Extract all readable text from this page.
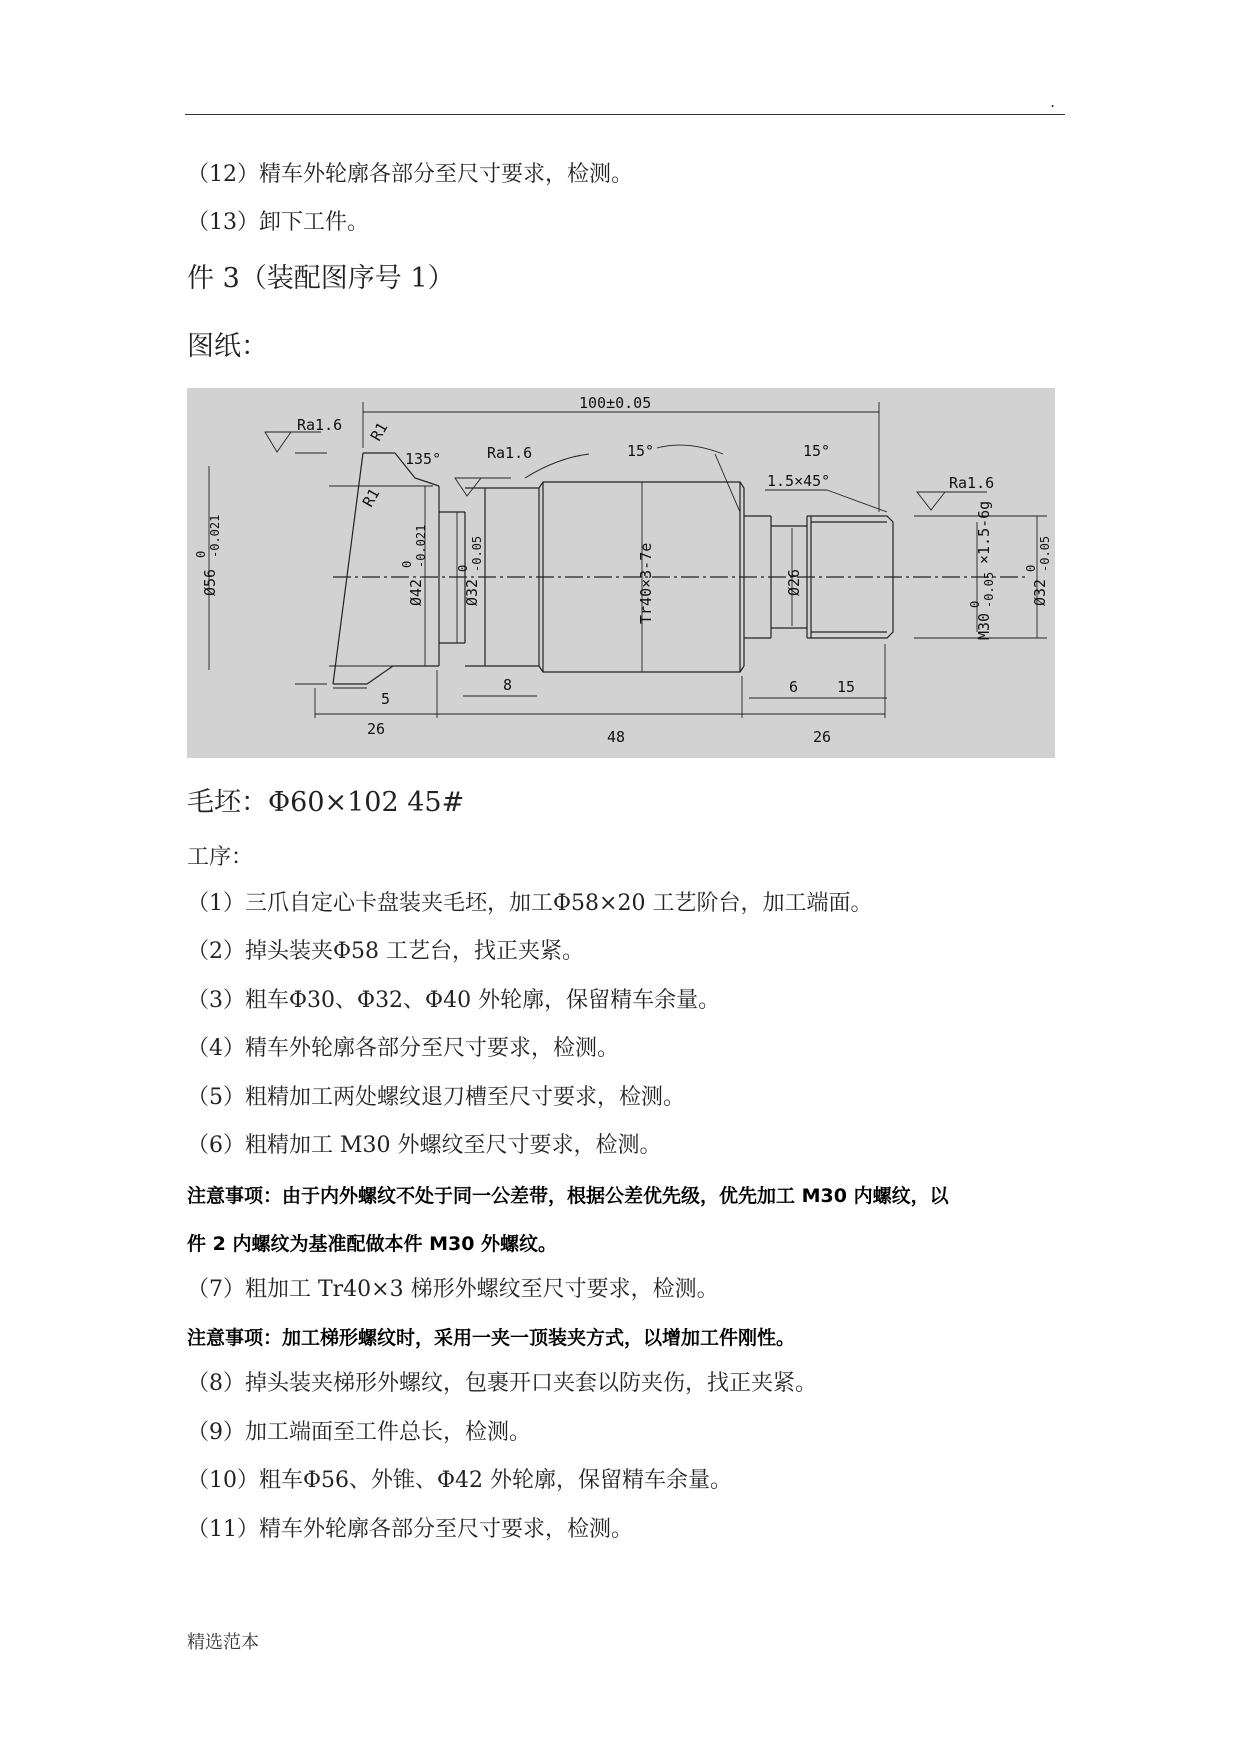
.
（12）精车外轮廓各部分至尺寸要求，检测。
（13）卸下工件。
件 3（装配图序号 1）
图纸：
100±0.05
Ra1.6
Ra1.6
Ra1.6
R1
R1
135°	15°	15°
1.5×45°
Ø56
0 -0.021
Ø42
0 -0.021
Ø32
0 -0.05	Tr40×3-7e	Ø26
M30
0 -0.05
×1.5-6g
Ø32
0 -0.05
5
8	6	15
26	48	26
毛坯：Φ60×102 45#
工序：
（1）三爪自定心卡盘装夹毛坯，加工Φ58×20 工艺阶台，加工端面。
（2）掉头装夹Φ58 工艺台，找正夹紧。
（3）粗车Φ30、Φ32、Φ40 外轮廓，保留精车余量。
（4）精车外轮廓各部分至尺寸要求，检测。
（5）粗精加工两处螺纹退刀槽至尺寸要求，检测。
（6）粗精加工 M30 外螺纹至尺寸要求，检测。
注意事项：由于内外螺纹不处于同一公差带，根据公差优先级，优先加工 M30 内螺纹，以
件 2 内螺纹为基准配做本件 M30 外螺纹。
（7）粗加工 Tr40×3 梯形外螺纹至尺寸要求，检测。
注意事项：加工梯形螺纹时，采用一夹一顶装夹方式，以增加工件刚性。
（8）掉头装夹梯形外螺纹，包裹开口夹套以防夹伤，找正夹紧。
（9）加工端面至工件总长，检测。
（10）粗车Φ56、外锥、Φ42 外轮廓，保留精车余量。
（11）精车外轮廓各部分至尺寸要求，检测。
精选范本
